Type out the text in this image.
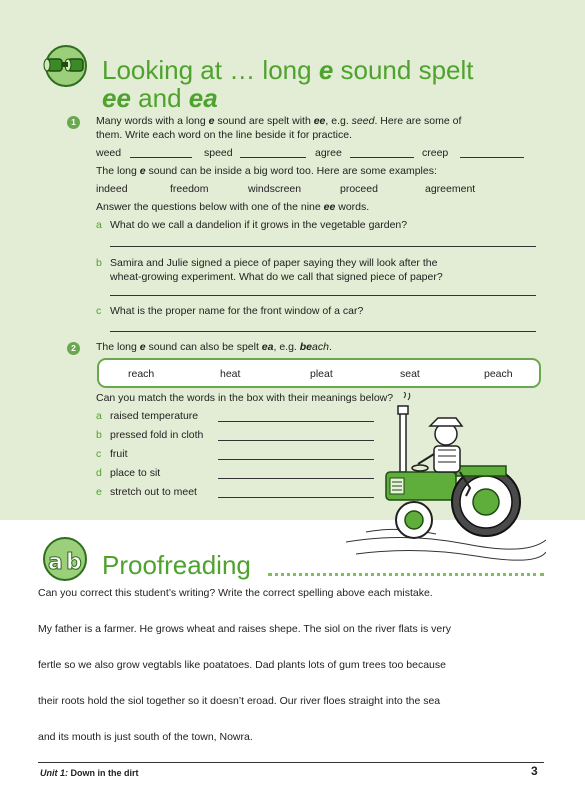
Looking at … long e sound spelt
ee and ea
1	Many words with a long e sound are spelt with ee, e.g. seed. Here are some of
them. Write each word on the line beside it for practice.
weed	speed	agree	creep
The long e sound can be inside a big word too. Here are some examples:
indeed	freedom	windscreen	proceed	agreement
Answer the questions below with one of the nine ee words.
a What do we call a dandelion if it grows in the vegetable garden?
b Samira and Julie signed a piece of paper saying they will look after the
wheat-growing experiment. What do we call that signed piece of paper?
c What is the proper name for the front window of a car?
2	The long e sound can also be spelt ea, e.g. beach.
reach	heat	pleat	seat	peach
Can you match the words in the box with their meanings below?
a raised temperature
b pressed fold in cloth
c fruit
d place to sit
e stretch out to meet
a b Proofreading
Can you correct this student’s writing? Write the correct spelling above each mistake.
My father is a farmer. He grows wheat and raises shepe. The siol on the river flats is very
fertle so we also grow vegtabls like poatatoes. Dad plants lots of gum trees too because
their roots hold the siol together so it doesn’t eroad. Our river floes straight into the sea
and its mouth is just south of the town, Nowra.
Unit 1: Down in the dirt	3
